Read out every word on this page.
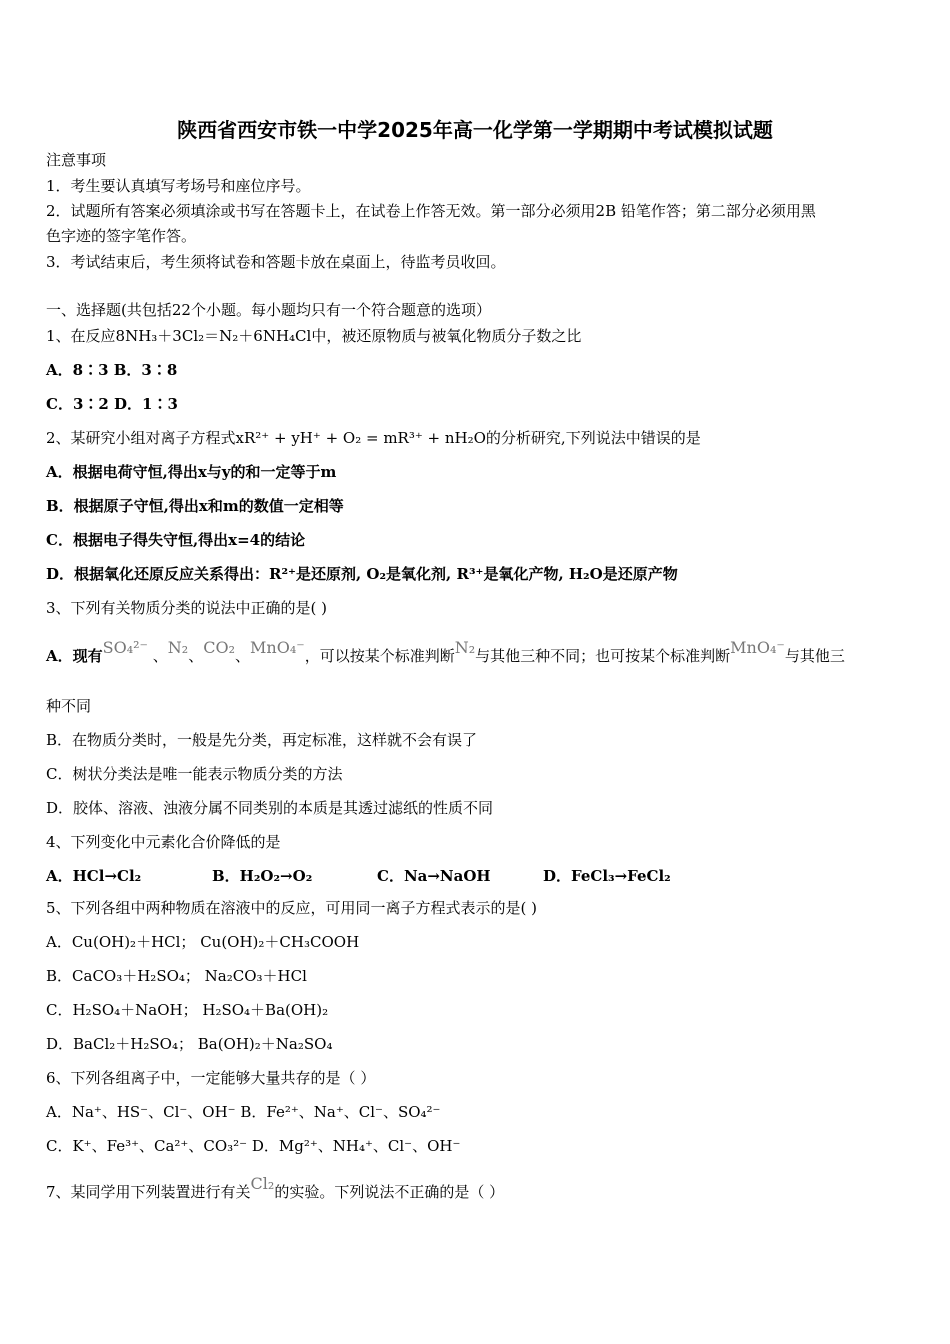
陕西省西安市铁一中学2025年高一化学第一学期期中考试模拟试题
注意事项
1．考生要认真填写考场号和座位序号。
2．试题所有答案必须填涂或书写在答题卡上，在试卷上作答无效。第一部分必须用2B 铅笔作答；第二部分必须用黑
色字迹的签字笔作答。
3．考试结束后，考生须将试卷和答题卡放在桌面上，待监考员收回。
一、选择题(共包括22个小题。每小题均只有一个符合题意的选项）
1、在反应8NH₃＋3Cl₂＝N₂＋6NH₄Cl中，被还原物质与被氧化物质分子数之比
A．8∶3 B．3∶8
C．3∶2 D．1∶3
2、某研究小组对离子方程式xR²⁺ + yH⁺ + O₂ = mR³⁺ + nH₂O的分析研究,下列说法中错误的是
A．根据电荷守恒,得出x与y的和一定等于m
B．根据原子守恒,得出x和m的数值一定相等
C．根据电子得失守恒,得出x=4的结论
D．根据氧化还原反应关系得出：R²⁺是还原剂, O₂是氧化剂, R³⁺是氧化产物, H₂O是还原产物
3、下列有关物质分类的说法中正确的是( )
A．现有SO₄²⁻ 、N₂、CO₂、MnO₄⁻，可以按某个标准判断N₂与其他三种不同；也可按某个标准判断MnO₄⁻与其他三
种不同
B．在物质分类时，一般是先分类，再定标准，这样就不会有误了
C．树状分类法是唯一能表示物质分类的方法
D．胶体、溶液、浊液分属不同类别的本质是其透过滤纸的性质不同
4、下列变化中元素化合价降低的是
A．HCl→Cl₂	B．H₂O₂→O₂	C．Na→NaOH	D．FeCl₃→FeCl₂
5、下列各组中两种物质在溶液中的反应，可用同一离子方程式表示的是( )
A．Cu(OH)₂＋HCl； Cu(OH)₂＋CH₃COOH
B．CaCO₃＋H₂SO₄； Na₂CO₃＋HCl
C．H₂SO₄＋NaOH； H₂SO₄＋Ba(OH)₂
D．BaCl₂＋H₂SO₄； Ba(OH)₂＋Na₂SO₄
6、下列各组离子中，一定能够大量共存的是（ ）
A．Na⁺、HS⁻、Cl⁻、OH⁻ B．Fe²⁺、Na⁺、Cl⁻、SO₄²⁻
C．K⁺、Fe³⁺、Ca²⁺、CO₃²⁻ D．Mg²⁺、NH₄⁺、Cl⁻、OH⁻
7、某同学用下列装置进行有关Cl₂的实验。下列说法不正确的是（ ）
